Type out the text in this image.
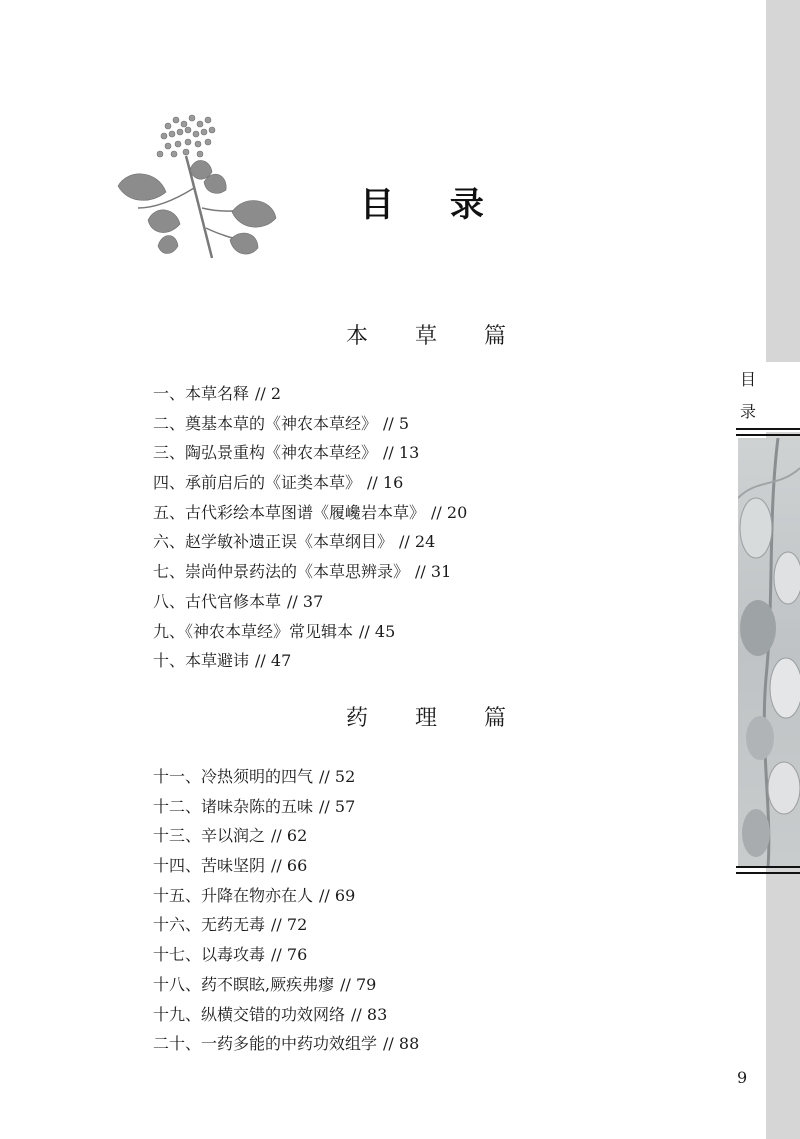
目
录
目 录
本 草 篇
一、本草名释 // 2
二、奠基本草的《神农本草经》 // 5
三、陶弘景重构《神农本草经》 // 13
四、承前启后的《证类本草》 // 16
五、古代彩绘本草图谱《履巉岩本草》 // 20
六、赵学敏补遗正误《本草纲目》 // 24
七、崇尚仲景药法的《本草思辨录》 // 31
八、古代官修本草 // 37
九、《神农本草经》常见辑本 // 45
十、本草避讳 // 47
药 理 篇
十一、冷热须明的四气 // 52
十二、诸味杂陈的五味 // 57
十三、辛以润之 // 62
十四、苦味坚阴 // 66
十五、升降在物亦在人 // 69
十六、无药无毒 // 72
十七、以毒攻毒 // 76
十八、药不瞑眩,厥疾弗瘳 // 79
十九、纵横交错的功效网络 // 83
二十、一药多能的中药功效组学 // 88
9
